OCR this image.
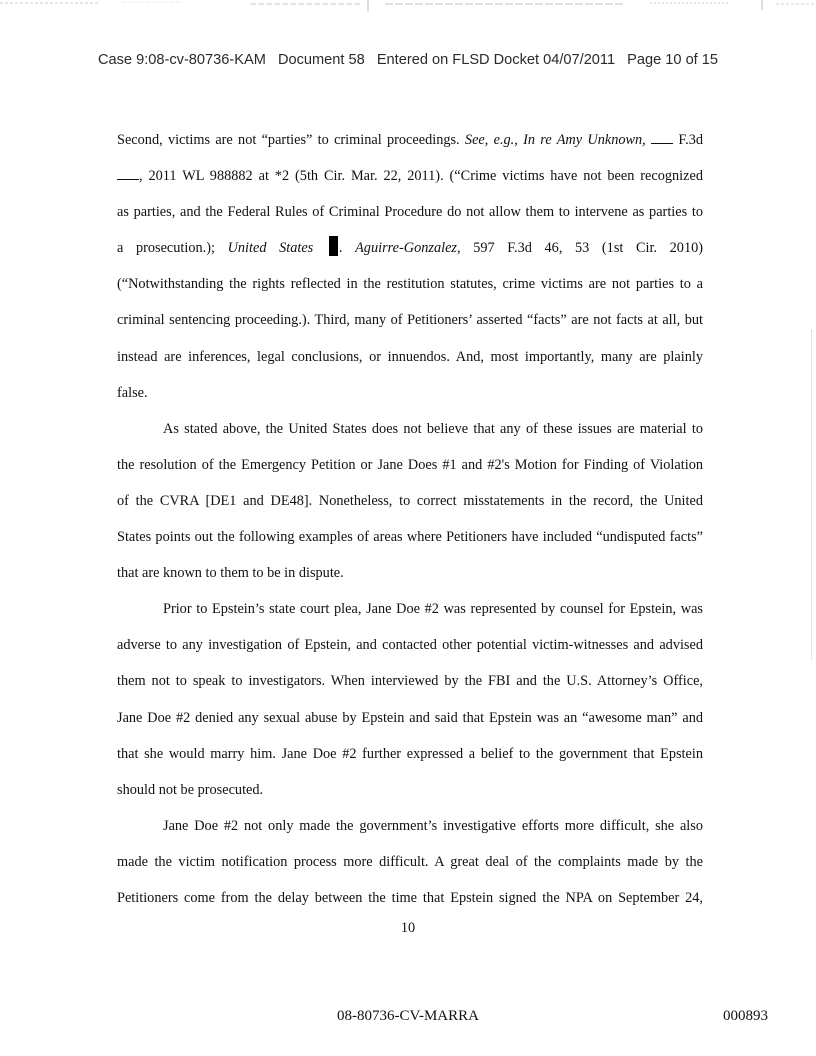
Case 9:08-cv-80736-KAM Document 58 Entered on FLSD Docket 04/07/2011 Page 10 of 15
Second, victims are not “parties” to criminal proceedings. See, e.g., In re Amy Unknown,  F.3d
, 2011 WL 988882 at *2 (5th Cir. Mar. 22, 2011). (“Crime victims have not been recognized
as parties, and the Federal Rules of Criminal Procedure do not allow them to intervene as parties to
a prosecution.); United States . Aguirre-Gonzalez, 597 F.3d 46, 53 (1st Cir. 2010)
(“Notwithstanding the rights reflected in the restitution statutes, crime victims are not parties to a
criminal sentencing proceeding.). Third, many of Petitioners’ asserted “facts” are not facts at all, but
instead are inferences, legal conclusions, or innuendos. And, most importantly, many are plainly
false.
As stated above, the United States does not believe that any of these issues are material to
the resolution of the Emergency Petition or Jane Does #1 and #2's Motion for Finding of Violation
of the CVRA [DE1 and DE48]. Nonetheless, to correct misstatements in the record, the United
States points out the following examples of areas where Petitioners have included “undisputed facts”
that are known to them to be in dispute.
Prior to Epstein’s state court plea, Jane Doe #2 was represented by counsel for Epstein, was
adverse to any investigation of Epstein, and contacted other potential victim-witnesses and advised
them not to speak to investigators. When interviewed by the FBI and the U.S. Attorney’s Office,
Jane Doe #2 denied any sexual abuse by Epstein and said that Epstein was an “awesome man” and
that she would marry him. Jane Doe #2 further expressed a belief to the government that Epstein
should not be prosecuted.
Jane Doe #2 not only made the government’s investigative efforts more difficult, she also
made the victim notification process more difficult. A great deal of the complaints made by the
Petitioners come from the delay between the time that Epstein signed the NPA on September 24,
10
08-80736-CV-MARRA	000893
